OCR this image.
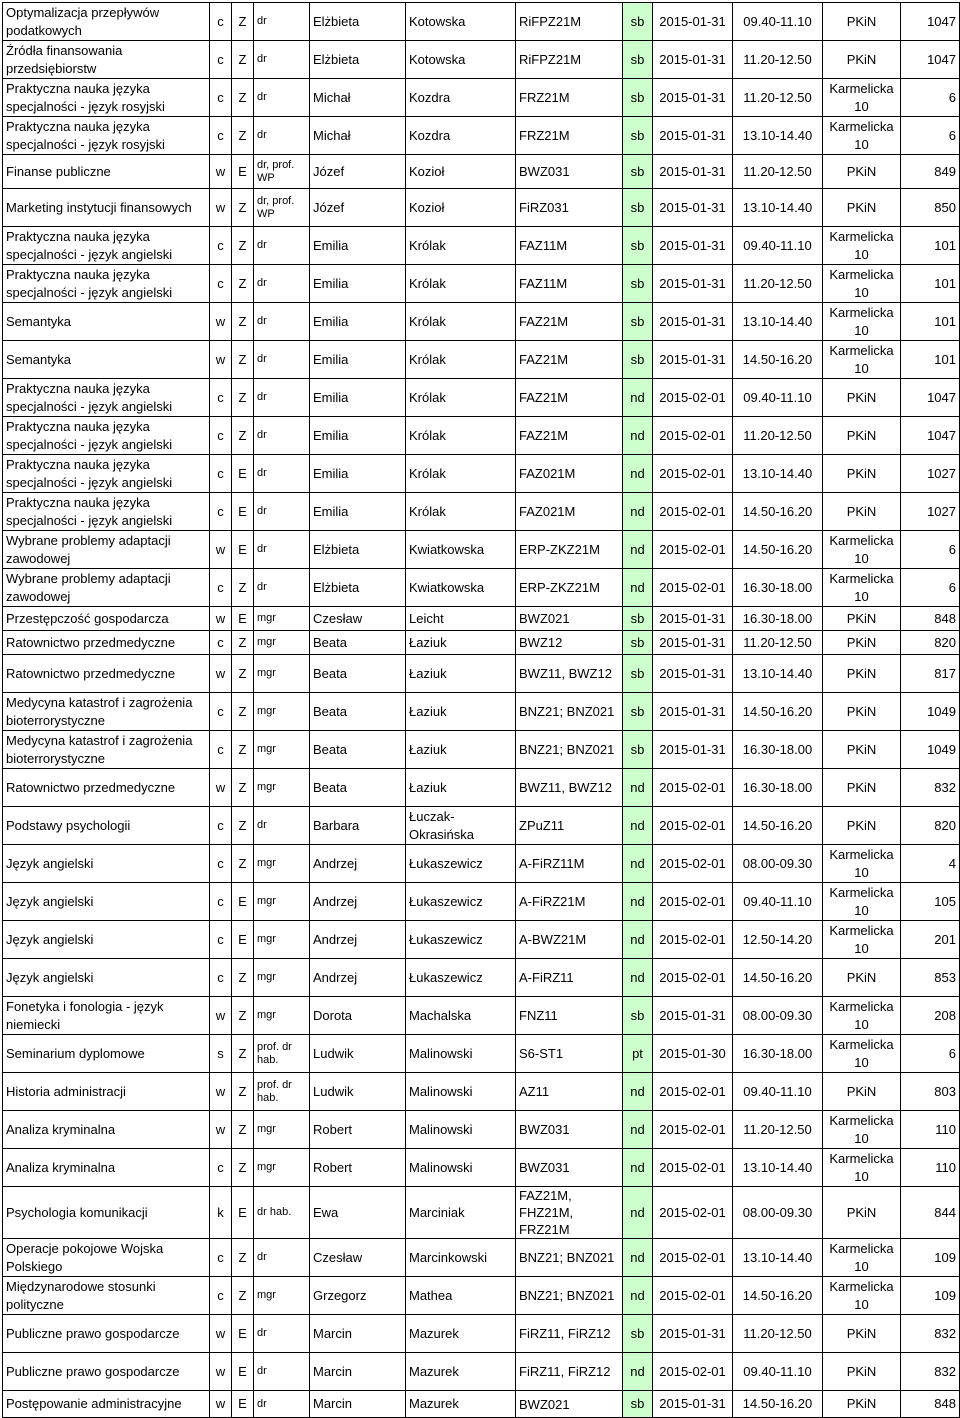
Optymalizacja przepływów podatkowych	c	Z	dr	Elżbieta	Kotowska	RiFPZ21M	sb	2015-01-31	09.40-11.10	PKiN	1047
Źródła finansowania przedsiębiorstw	c	Z	dr	Elżbieta	Kotowska	RiFPZ21M	sb	2015-01-31	11.20-12.50	PKiN	1047
Praktyczna nauka języka specjalności - język rosyjski	c	Z	dr	Michał	Kozdra	FRZ21M	sb	2015-01-31	11.20-12.50	Karmelicka 10	6
Praktyczna nauka języka specjalności - język rosyjski	c	Z	dr	Michał	Kozdra	FRZ21M	sb	2015-01-31	13.10-14.40	Karmelicka 10	6
Finanse publiczne	w	E	dr, prof. WP	Józef	Kozioł	BWZ031	sb	2015-01-31	11.20-12.50	PKiN	849
Marketing instytucji finansowych	w	Z	dr, prof. WP	Józef	Kozioł	FiRZ031	sb	2015-01-31	13.10-14.40	PKiN	850
Praktyczna nauka języka specjalności - język angielski	c	Z	dr	Emilia	Królak	FAZ11M	sb	2015-01-31	09.40-11.10	Karmelicka 10	101
Praktyczna nauka języka specjalności - język angielski	c	Z	dr	Emilia	Królak	FAZ11M	sb	2015-01-31	11.20-12.50	Karmelicka 10	101
Semantyka	w	Z	dr	Emilia	Królak	FAZ21M	sb	2015-01-31	13.10-14.40	Karmelicka 10	101
Semantyka	w	Z	dr	Emilia	Królak	FAZ21M	sb	2015-01-31	14.50-16.20	Karmelicka 10	101
Praktyczna nauka języka specjalności - język angielski	c	Z	dr	Emilia	Królak	FAZ21M	nd	2015-02-01	09.40-11.10	PKiN	1047
Praktyczna nauka języka specjalności - język angielski	c	Z	dr	Emilia	Królak	FAZ21M	nd	2015-02-01	11.20-12.50	PKiN	1047
Praktyczna nauka języka specjalności - język angielski	c	E	dr	Emilia	Królak	FAZ021M	nd	2015-02-01	13.10-14.40	PKiN	1027
Praktyczna nauka języka specjalności - język angielski	c	E	dr	Emilia	Królak	FAZ021M	nd	2015-02-01	14.50-16.20	PKiN	1027
Wybrane problemy adaptacji zawodowej	w	E	dr	Elżbieta	Kwiatkowska	ERP-ZKZ21M	nd	2015-02-01	14.50-16.20	Karmelicka 10	6
Wybrane problemy adaptacji zawodowej	c	Z	dr	Elżbieta	Kwiatkowska	ERP-ZKZ21M	nd	2015-02-01	16.30-18.00	Karmelicka 10	6
Przestępczość gospodarcza	w	E	mgr	Czesław	Leicht	BWZ021	sb	2015-01-31	16.30-18.00	PKiN	848
Ratownictwo przedmedyczne	c	Z	mgr	Beata	Łaziuk	BWZ12	sb	2015-01-31	11.20-12.50	PKiN	820
Ratownictwo przedmedyczne	w	Z	mgr	Beata	Łaziuk	BWZ11, BWZ12	sb	2015-01-31	13.10-14.40	PKiN	817
Medycyna katastrof i zagrożenia bioterrorystyczne	c	Z	mgr	Beata	Łaziuk	BNZ21; BNZ021	sb	2015-01-31	14.50-16.20	PKiN	1049
Medycyna katastrof i zagrożenia bioterrorystyczne	c	Z	mgr	Beata	Łaziuk	BNZ21; BNZ021	sb	2015-01-31	16.30-18.00	PKiN	1049
Ratownictwo przedmedyczne	w	Z	mgr	Beata	Łaziuk	BWZ11, BWZ12	nd	2015-02-01	16.30-18.00	PKiN	832
Podstawy psychologii	c	Z	dr	Barbara	Łuczak-Okrasińska	ZPuZ11	nd	2015-02-01	14.50-16.20	PKiN	820
Język angielski	c	Z	mgr	Andrzej	Łukaszewicz	A-FiRZ11M	nd	2015-02-01	08.00-09.30	Karmelicka 10	4
Język angielski	c	E	mgr	Andrzej	Łukaszewicz	A-FiRZ21M	nd	2015-02-01	09.40-11.10	Karmelicka 10	105
Język angielski	c	E	mgr	Andrzej	Łukaszewicz	A-BWZ21M	nd	2015-02-01	12.50-14.20	Karmelicka 10	201
Język angielski	c	Z	mgr	Andrzej	Łukaszewicz	A-FiRZ11	nd	2015-02-01	14.50-16.20	PKiN	853
Fonetyka i fonologia - język niemiecki	w	Z	mgr	Dorota	Machalska	FNZ11	sb	2015-01-31	08.00-09.30	Karmelicka 10	208
Seminarium dyplomowe	s	Z	prof. dr hab.	Ludwik	Malinowski	S6-ST1	pt	2015-01-30	16.30-18.00	Karmelicka 10	6
Historia administracji	w	Z	prof. dr hab.	Ludwik	Malinowski	AZ11	nd	2015-02-01	09.40-11.10	PKiN	803
Analiza kryminalna	w	Z	mgr	Robert	Malinowski	BWZ031	nd	2015-02-01	11.20-12.50	Karmelicka 10	110
Analiza kryminalna	c	Z	mgr	Robert	Malinowski	BWZ031	nd	2015-02-01	13.10-14.40	Karmelicka 10	110
Psychologia komunikacji	k	E	dr hab.	Ewa	Marciniak	FAZ21M, FHZ21M, FRZ21M	nd	2015-02-01	08.00-09.30	PKiN	844
Operacje pokojowe Wojska Polskiego	c	Z	dr	Czesław	Marcinkowski	BNZ21; BNZ021	nd	2015-02-01	13.10-14.40	Karmelicka 10	109
Międzynarodowe stosunki polityczne	c	Z	mgr	Grzegorz	Mathea	BNZ21; BNZ021	nd	2015-02-01	14.50-16.20	Karmelicka 10	109
Publiczne prawo gospodarcze	w	E	dr	Marcin	Mazurek	FiRZ11, FiRZ12	sb	2015-01-31	11.20-12.50	PKiN	832
Publiczne prawo gospodarcze	w	E	dr	Marcin	Mazurek	FiRZ11, FiRZ12	nd	2015-02-01	09.40-11.10	PKiN	832
Postępowanie administracyjne	w	E	dr	Marcin	Mazurek	BWZ021	sb	2015-01-31	14.50-16.20	PKiN	848
